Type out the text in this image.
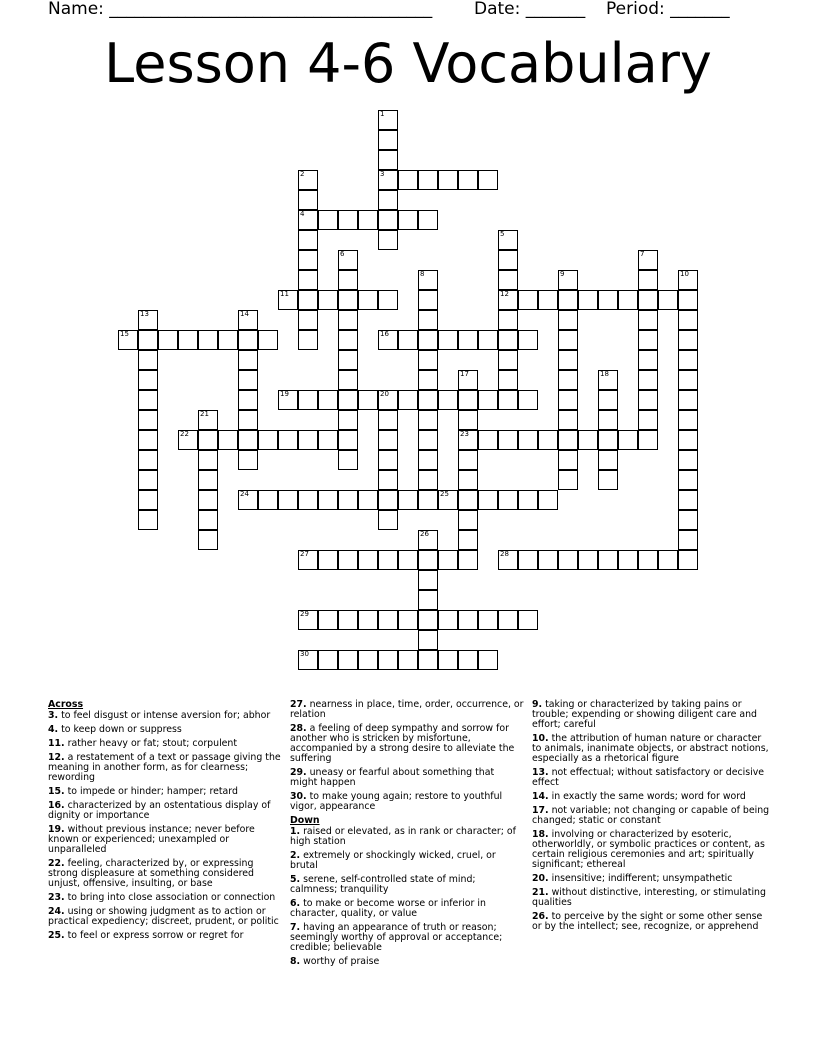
Name: ______________________________________ Date: _______ Period: _______
Lesson 4-6 Vocabulary
1
3
2
4
5
12
6	7
8	9	10
11
13	14
15	16
17
23
18
19	20
21
22
24	25
26
27	28
29
30
Across
3. to feel disgust or intense aversion for; abhor
4. to keep down or suppress
11. rather heavy or fat; stout; corpulent
12. a restatement of a text or passage giving the meaning in another form, as for clearness; rewording
15. to impede or hinder; hamper; retard
16. characterized by an ostentatious display of dignity or importance
19. without previous instance; never before known or experienced; unexampled or unparalleled
22. feeling, characterized by, or expressing strong displeasure at something considered unjust, offensive, insulting, or base
23. to bring into close association or connection
24. using or showing judgment as to action or practical expediency; discreet, prudent, or politic
25. to feel or express sorrow or regret for
27. nearness in place, time, order, occurrence, or relation
28. a feeling of deep sympathy and sorrow for another who is stricken by misfortune, accompanied by a strong desire to alleviate the suffering
29. uneasy or fearful about something that might happen
30. to make young again; restore to youthful vigor, appearance
Down
1. raised or elevated, as in rank or character; of high station
2. extremely or shockingly wicked, cruel, or brutal
5. serene, self-controlled state of mind; calmness; tranquility
6. to make or become worse or inferior in character, quality, or value
7. having an appearance of truth or reason; seemingly worthy of approval or acceptance; credible; believable
8. worthy of praise
9. taking or characterized by taking pains or trouble; expending or showing diligent care and effort; careful
10. the attribution of human nature or character to animals, inanimate objects, or abstract notions, especially as a rhetorical figure
13. not effectual; without satisfactory or decisive effect
14. in exactly the same words; word for word
17. not variable; not changing or capable of being changed; static or constant
18. involving or characterized by esoteric, otherworldly, or symbolic practices or content, as certain religious ceremonies and art; spiritually significant; ethereal
20. insensitive; indifferent; unsympathetic
21. without distinctive, interesting, or stimulating qualities
26. to perceive by the sight or some other sense or by the intellect; see, recognize, or apprehend
